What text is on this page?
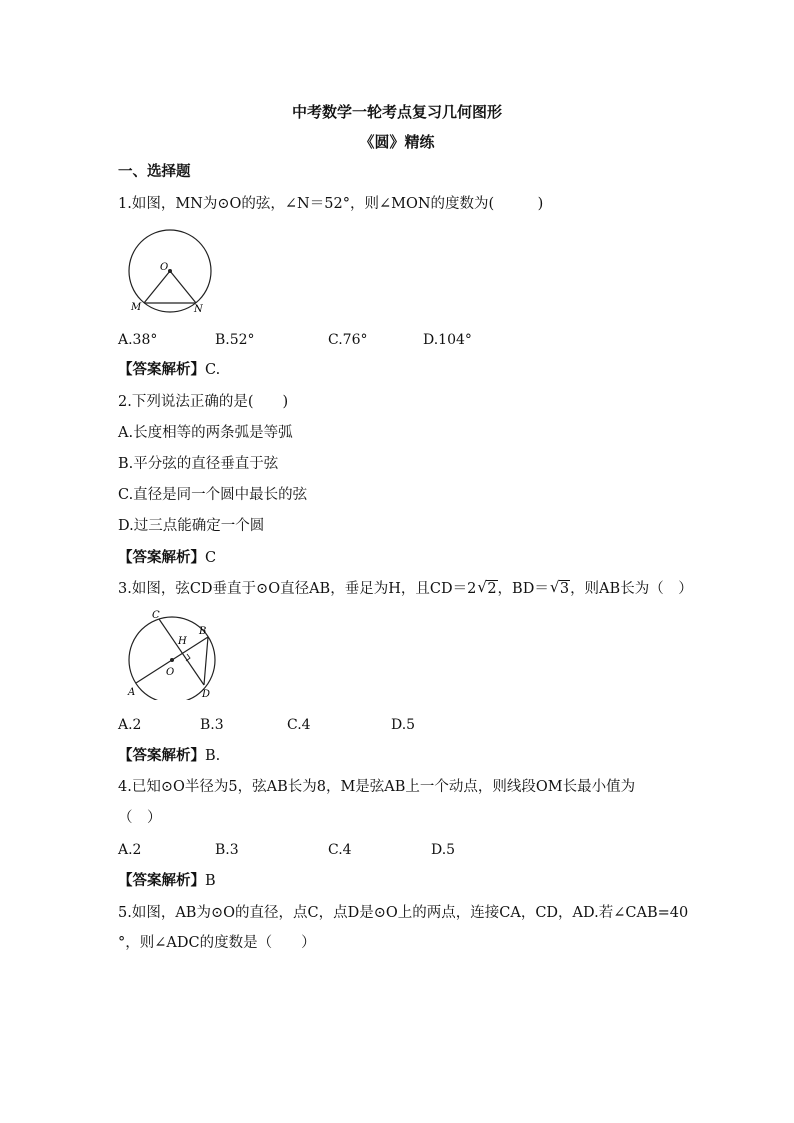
中考数学一轮考点复习几何图形
《圆》精练
一、选择题
1.如图，MN为⊙O的弦，∠N＝52°，则∠MON的度数为(　　　)
O
M	N
A.38°	B.52°	C.76°	D.104°
【答案解析】C.
2.下列说法正确的是(　　)
A.长度相等的两条弧是等弧
B.平分弦的直径垂直于弦
C.直径是同一个圆中最长的弦
D.过三点能确定一个圆
【答案解析】C
3.如图，弦CD垂直于⊙O直径AB，垂足为H，且CD＝2 √ 2，BD＝ √ 3，则AB长为（　）
C
H
B
O
A	D
A.2	B.3	C.4	D.5
【答案解析】B.
4.已知⊙O半径为5，弦AB长为8，M是弦AB上一个动点，则线段OM长最小值为
（　）
A.2	B.3	C.4	D.5
【答案解析】B
5.如图，AB为⊙O的直径，点C，点D是⊙O上的两点，连接CA，CD，AD.若∠CAB=40
°，则∠ADC的度数是（　　）
